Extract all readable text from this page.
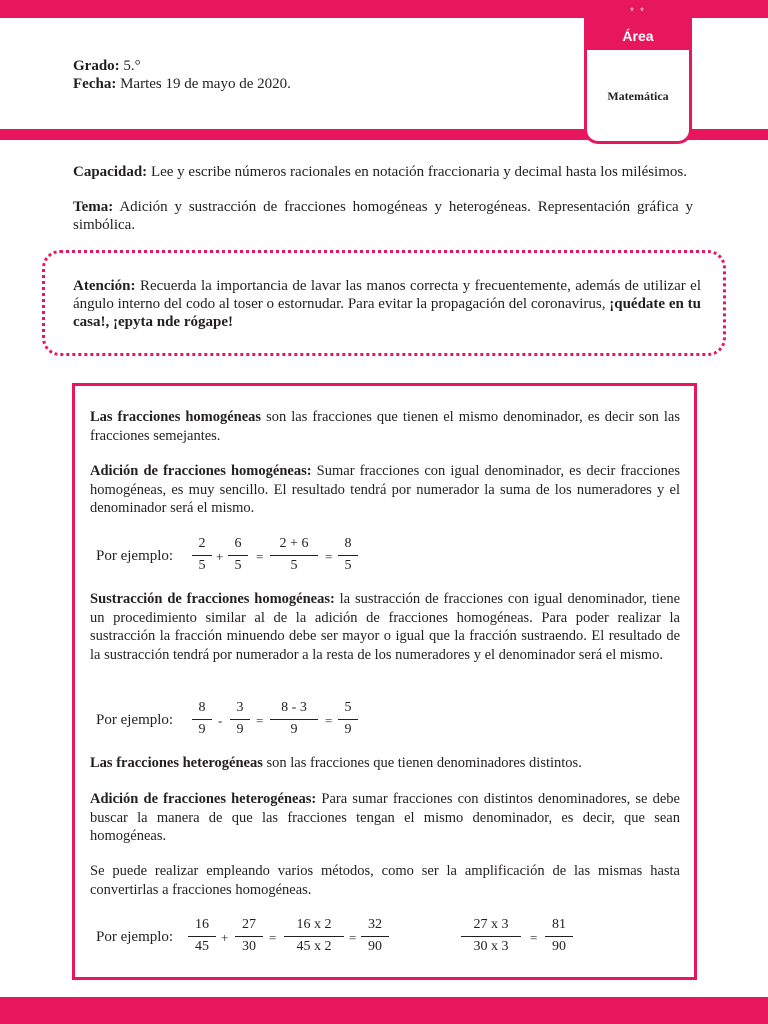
* *
Área
Matemática
Grado: 5.°
Fecha: Martes 19 de mayo de 2020.
Capacidad: Lee y escribe números racionales en notación fraccionaria y decimal hasta los milésimos.
Tema: Adición y sustracción de fracciones homogéneas y heterogéneas. Representación gráfica y simbólica.
Atención: Recuerda la importancia de lavar las manos correcta y frecuentemente, además de utilizar el ángulo interno del codo al toser o estornudar. Para evitar la propagación del coronavirus, ¡quédate en tu casa!, ¡epyta nde rógape!
Las fracciones homogéneas son las fracciones que tienen el mismo denominador, es decir son las fracciones semejantes.
Adición de fracciones homogéneas: Sumar fracciones con igual denominador, es decir fracciones homogéneas, es muy sencillo. El resultado tendrá por numerador la suma de los numeradores y el denominador será el mismo.
Por ejemplo:
2
5
+
6
5
=
2 + 6
5
=
8
5
Sustracción de fracciones homogéneas: la sustracción de fracciones con igual denominador, tiene un procedimiento similar al de la adición de fracciones homogéneas. Para poder realizar la sustracción la fracción minuendo debe ser mayor o igual que la fracción sustraendo. El resultado de la sustracción tendrá por numerador a la resta de los numeradores y el denominador será el mismo.
Por ejemplo:
8
9
-
3
9
=
8 - 3
9
=
5
9
Las fracciones heterogéneas son las fracciones que tienen denominadores distintos.
Adición de fracciones heterogéneas: Para sumar fracciones con distintos denominadores, se debe buscar la manera de que las fracciones tengan el mismo denominador, es decir, que sean homogéneas.
Se puede realizar empleando varios métodos, como ser la amplificación de las mismas hasta convertirlas a fracciones homogéneas.
Por ejemplo:
16
45
+
27
30
=
16 x 2
45 x 2
=
32
90
27 x 3
30 x 3
=
81
90
